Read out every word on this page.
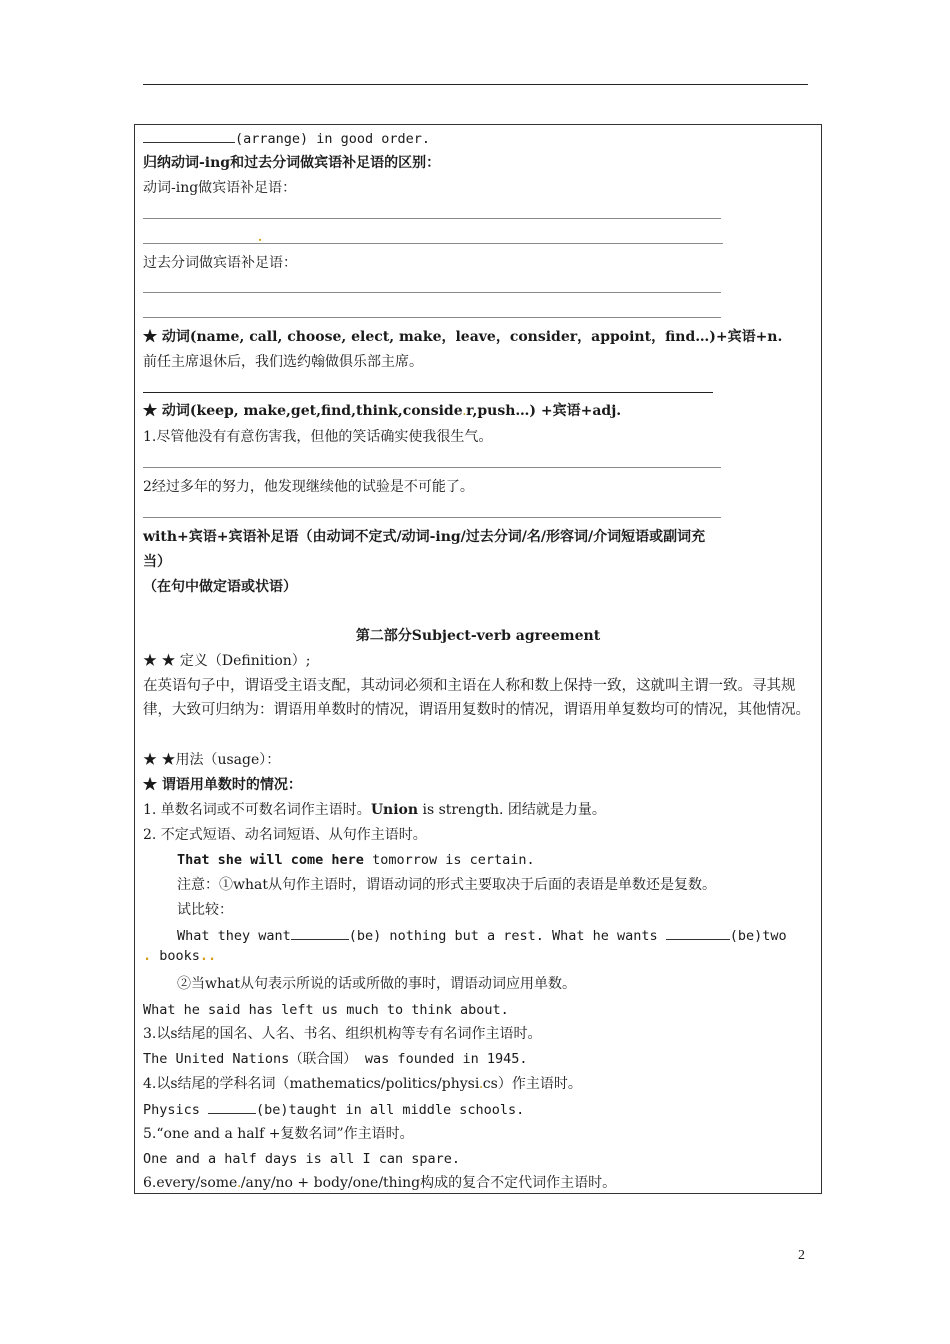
(arrange) in good order.
归纳动词-ing和过去分词做宾语补足语的区别：
动词-ing做宾语补足语：
.
过去分词做宾语补足语：
★ 动词(name, call, choose, elect, make，leave，consider，appoint，find…)+宾语+n.
前任主席退休后，我们选约翰做俱乐部主席。
★ 动词(keep, make,get,find,think,conside.r,push…) +宾语+adj.
1.尽管他没有有意伤害我，但他的笑话确实使我很生气。
2经过多年的努力，他发现继续他的试验是不可能了。
with+宾语+宾语补足语（由动词不定式/动词-ing/过去分词/名/形容词/介词短语或副词充
当）
（在句中做定语或状语）
第二部分Subject-verb agreement
★ ★ 定义（Definition）;
在英语句子中，谓语受主语支配，其动词必须和主语在人称和数上保持一致，这就叫主谓一致。寻其规律，大致可归纳为：谓语用单数时的情况，谓语用复数时的情况，谓语用单复数均可的情况，其他情况。
★ ★用法（usage）：
★ 谓语用单数时的情况：
1. 单数名词或不可数名词作主语时。Union is strength. 团结就是力量。
2. 不定式短语、动名词短语、从句作主语时。
That she will come here tomorrow is certain.
注意：①what从句作主语时，谓语动词的形式主要取决于后面的表语是单数还是复数。
试比较：
What they want	(be) nothing but a rest. What he wants	(be)two
. books..
②当what从句表示所说的话或所做的事时，谓语动词应用单数。
What he said has left us much to think about.
3.以s结尾的国名、人名、书名、组织机构等专有名词作主语时。
The United Nations（联合国） was founded in 1945.
4.以s结尾的学科名词（mathematics/politics/physi.cs）作主语时。
Physics	(be)taught in all middle schools.
5.“one and a half +复数名词”作主语时。
One and a half days is all I can spare.
6.every/some./any/no + body/one/thing构成的复合不定代词作主语时。
2
